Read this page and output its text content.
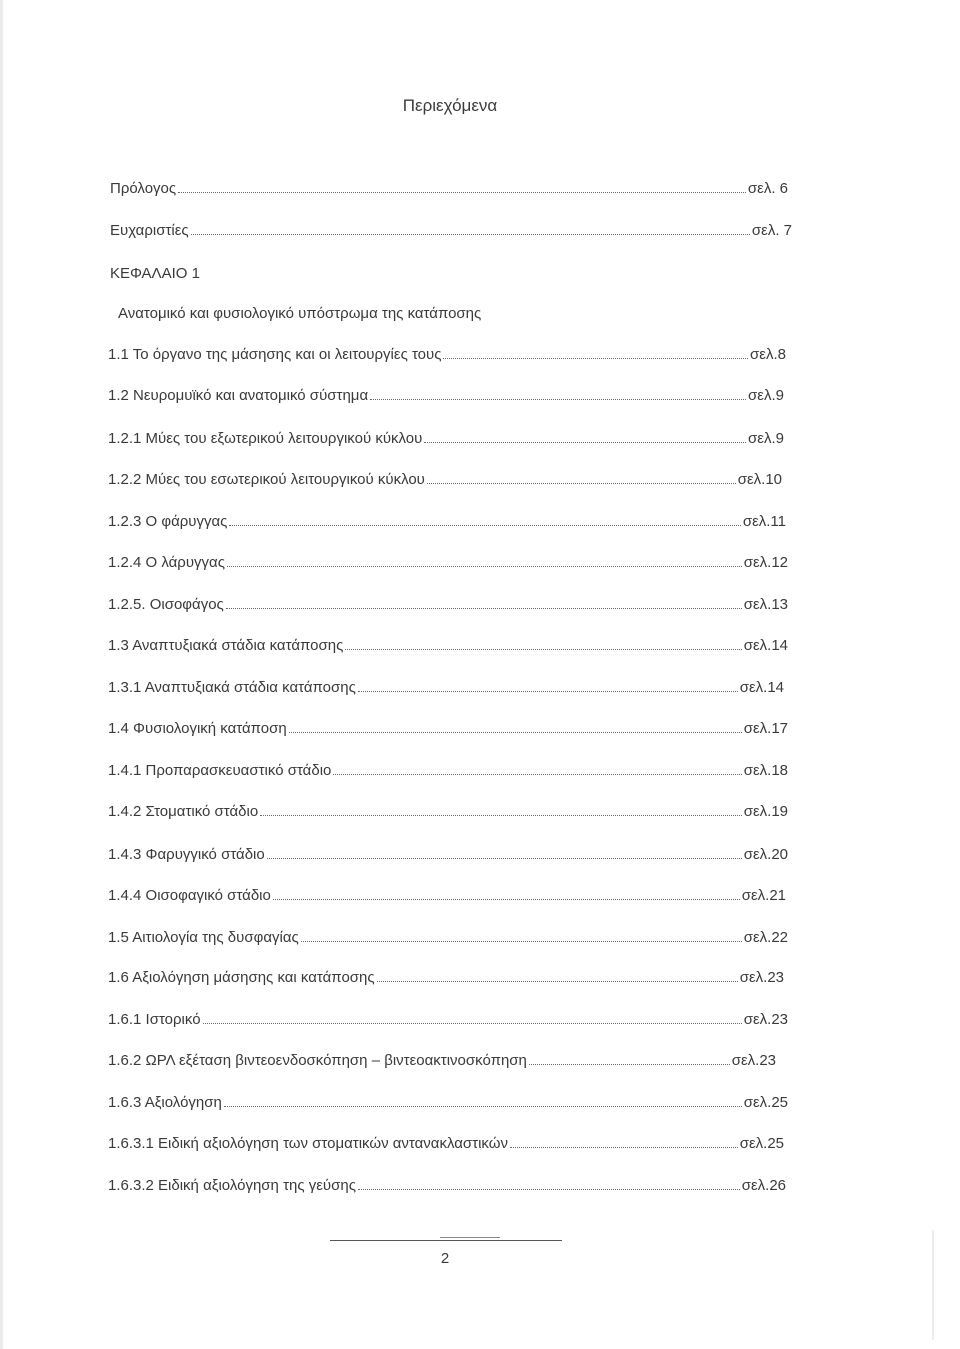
Περιεχόμενα
Πρόλογος	σελ. 6
Ευχαριστίες	σελ. 7
ΚΕΦΑΛΑΙΟ 1
Ανατομικό και φυσιολογικό υπόστρωμα της κατάποσης
1.1 Το όργανο της μάσησης και οι λειτουργίες τους	σελ.8
1.2 Νευρομυϊκό και ανατομικό σύστημα	σελ.9
1.2.1 Μύες του εξωτερικού λειτουργικού κύκλου	σελ.9
1.2.2 Μύες του εσωτερικού λειτουργικού κύκλου	σελ.10
1.2.3 Ο φάρυγγας	σελ.11
1.2.4 Ο λάρυγγας	σελ.12
1.2.5. Οισοφάγος	σελ.13
1.3 Αναπτυξιακά στάδια κατάποσης	σελ.14
1.3.1 Αναπτυξιακά στάδια κατάποσης	σελ.14
1.4 Φυσιολογική κατάποση	σελ.17
1.4.1 Προπαρασκευαστικό στάδιο	σελ.18
1.4.2 Στοματικό στάδιο	σελ.19
1.4.3 Φαρυγγικό στάδιο	σελ.20
1.4.4 Οισοφαγικό στάδιο	σελ.21
1.5 Αιτιολογία της δυσφαγίας	σελ.22
1.6 Αξιολόγηση μάσησης και κατάποσης	σελ.23
1.6.1 Ιστορικό	σελ.23
1.6.2 ΩΡΛ εξέταση βιντεοενδοσκόπηση – βιντεοακτινοσκόπηση	σελ.23
1.6.3 Αξιολόγηση	σελ.25
1.6.3.1 Ειδική αξιολόγηση των στοματικών αντανακλαστικών	σελ.25
1.6.3.2 Ειδική αξιολόγηση της γεύσης	σελ.26
2
